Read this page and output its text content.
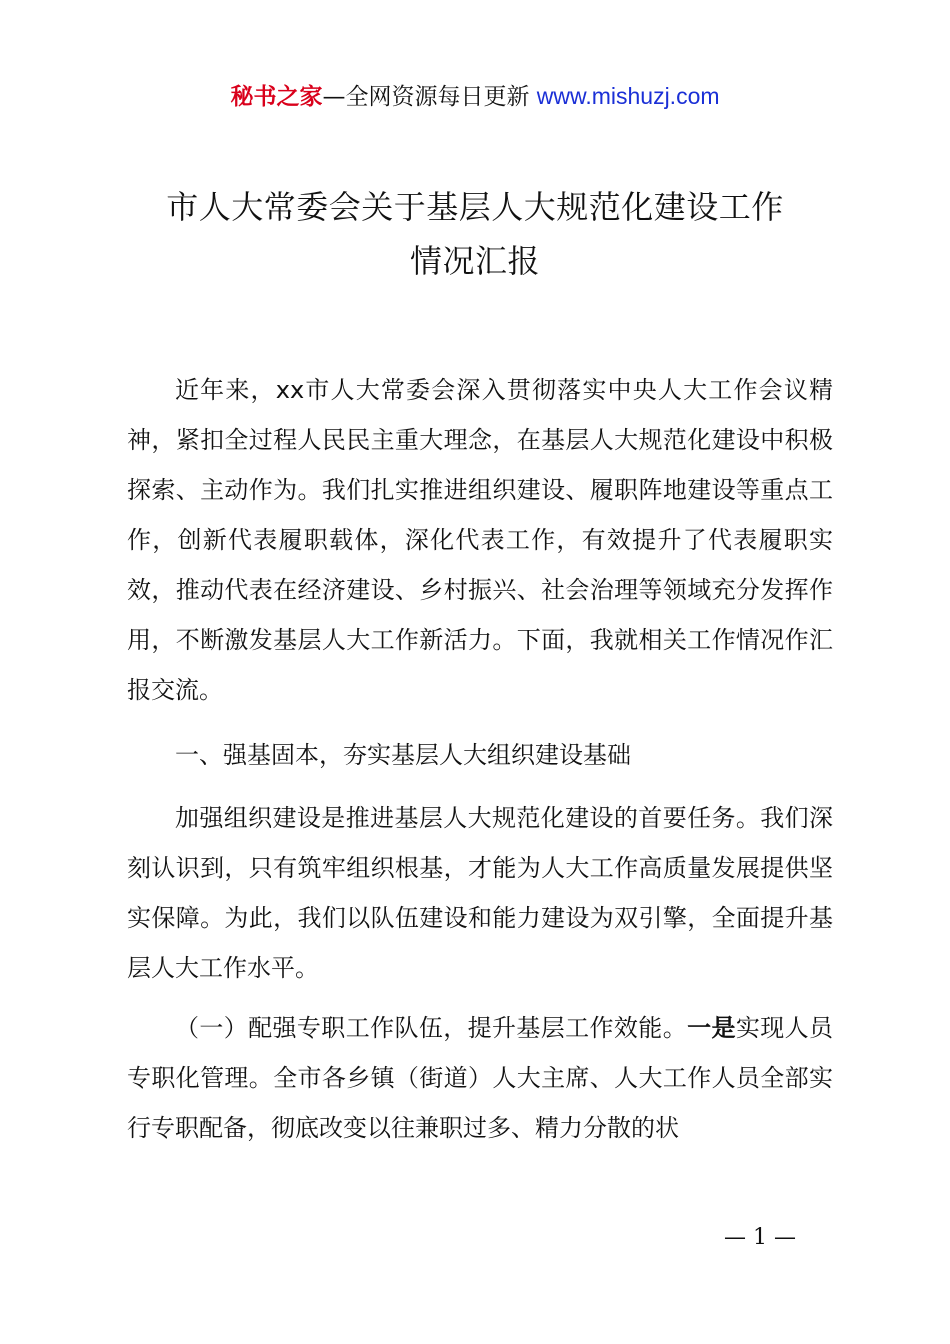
秘书之家—全网资源每日更新 www.mishuzj.com
市人大常委会关于基层人大规范化建设工作
情况汇报
近年来，xx市人大常委会深入贯彻落实中央人大工作会议精神，紧扣全过程人民民主重大理念，在基层人大规范化建设中积极探索、主动作为。我们扎实推进组织建设、履职阵地建设等重点工作，创新代表履职载体，深化代表工作，有效提升了代表履职实效，推动代表在经济建设、乡村振兴、社会治理等领域充分发挥作用，不断激发基层人大工作新活力。下面，我就相关工作情况作汇报交流。
一、强基固本，夯实基层人大组织建设基础
加强组织建设是推进基层人大规范化建设的首要任务。我们深刻认识到，只有筑牢组织根基，才能为人大工作高质量发展提供坚实保障。为此，我们以队伍建设和能力建设为双引擎，全面提升基层人大工作水平。
（一）配强专职工作队伍，提升基层工作效能。一是实现人员专职化管理。全市各乡镇（街道）人大主席、人大工作人员全部实行专职配备，彻底改变以往兼职过多、精力分散的状
— 1 —
